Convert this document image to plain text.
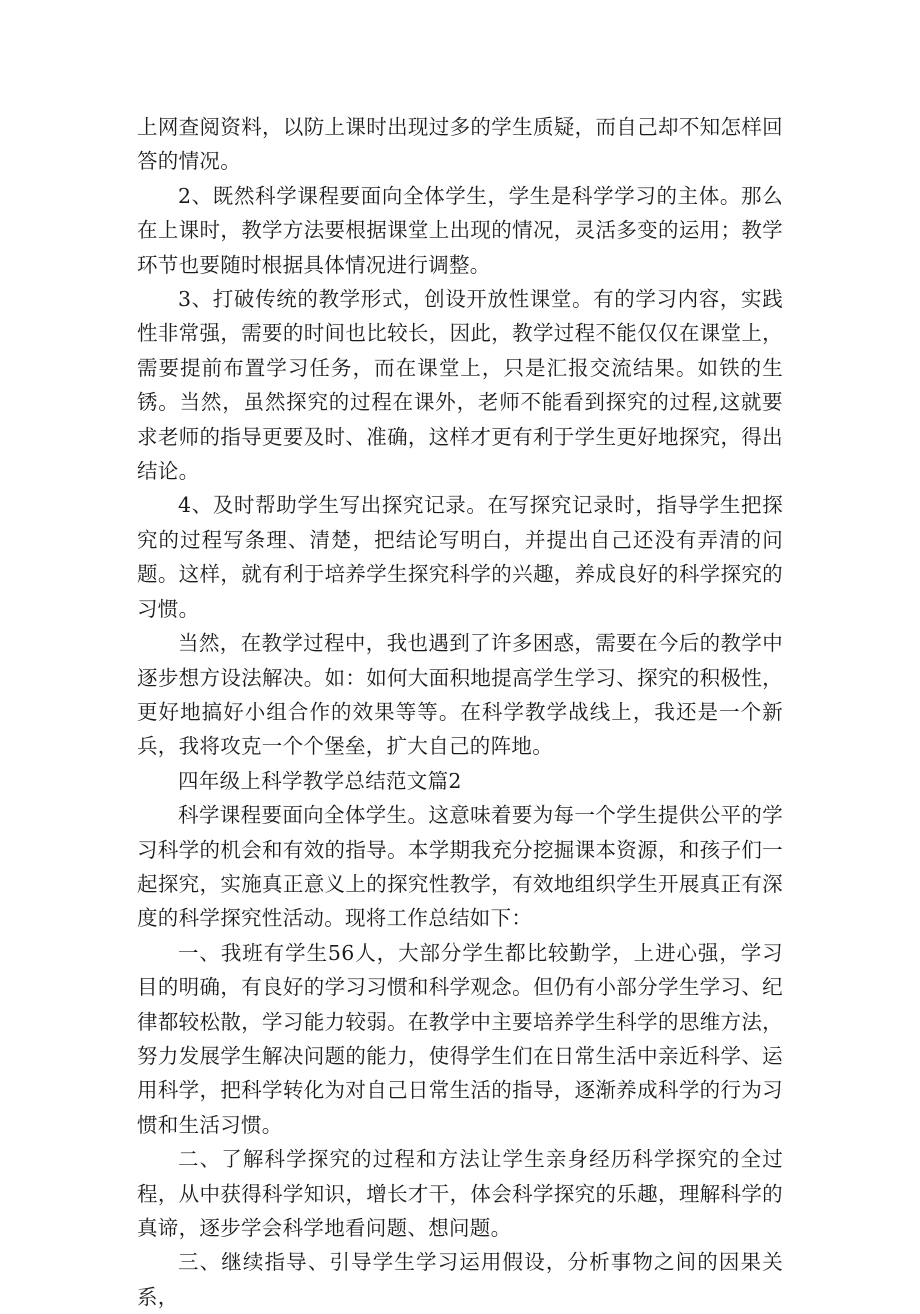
上网查阅资料，以防上课时出现过多的学生质疑，而自己却不知怎样回答的情况。

2、既然科学课程要面向全体学生，学生是科学学习的主体。那么在上课时，教学方法要根据课堂上出现的情况，灵活多变的运用；教学环节也要随时根据具体情况进行调整。

3、打破传统的教学形式，创设开放性课堂。有的学习内容，实践性非常强，需要的时间也比较长，因此，教学过程不能仅仅在课堂上，需要提前布置学习任务，而在课堂上，只是汇报交流结果。如铁的生锈。当然，虽然探究的过程在课外，老师不能看到探究的过程,这就要求老师的指导更要及时、准确，这样才更有利于学生更好地探究，得出结论。

4、及时帮助学生写出探究记录。在写探究记录时，指导学生把探究的过程写条理、清楚，把结论写明白，并提出自己还没有弄清的问题。这样，就有利于培养学生探究科学的兴趣，养成良好的科学探究的习惯。

当然，在教学过程中，我也遇到了许多困惑，需要在今后的教学中逐步想方设法解决。如：如何大面积地提高学生学习、探究的积极性，更好地搞好小组合作的效果等等。在科学教学战线上，我还是一个新兵，我将攻克一个个堡垒，扩大自己的阵地。

四年级上科学教学总结范文篇2

科学课程要面向全体学生。这意味着要为每一个学生提供公平的学习科学的机会和有效的指导。本学期我充分挖掘课本资源，和孩子们一起探究，实施真正意义上的探究性教学，有效地组织学生开展真正有深度的科学探究性活动。现将工作总结如下：

一、我班有学生56人，大部分学生都比较勤学，上进心强，学习目的明确，有良好的学习习惯和科学观念。但仍有小部分学生学习、纪律都较松散，学习能力较弱。在教学中主要培养学生科学的思维方法，努力发展学生解决问题的能力，使得学生们在日常生活中亲近科学、运用科学，把科学转化为对自己日常生活的指导，逐渐养成科学的行为习惯和生活习惯。

二、了解科学探究的过程和方法让学生亲身经历科学探究的全过程，从中获得科学知识，增长才干，体会科学探究的乐趣，理解科学的真谛，逐步学会科学地看问题、想问题。

三、继续指导、引导学生学习运用假设，分析事物之间的因果关系，
